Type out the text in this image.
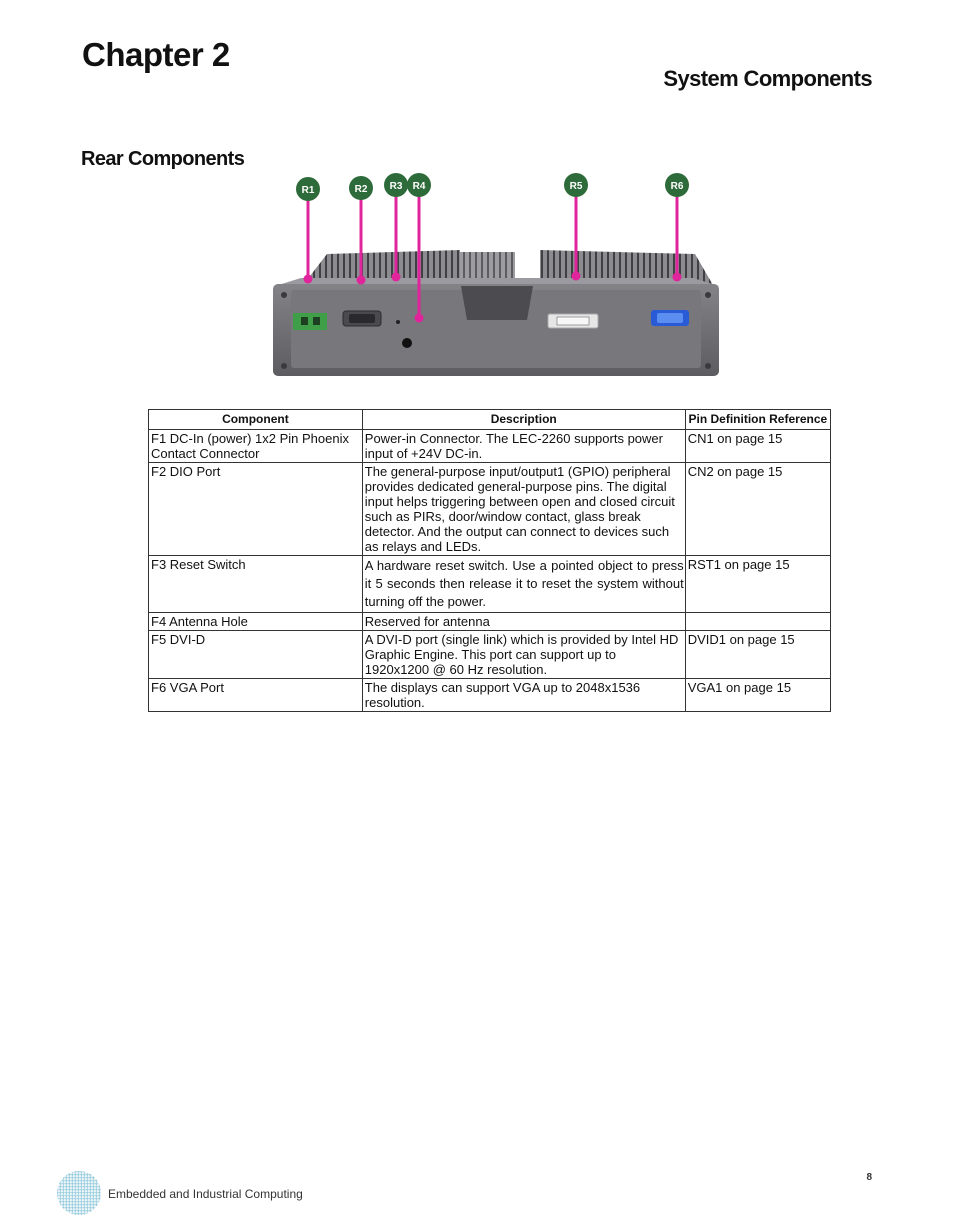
Chapter 2
System Components
Rear Components
R1	R2 R3 R4	R5	R6
Component	Description	Pin Definition Reference
F1 DC-In (power) 1x2 Pin Phoenix Contact Connector	Power-in Connector. The LEC-2260 supports power input of +24V DC-in.	CN1 on page 15
F2 DIO Port	The general-purpose input/output1 (GPIO) peripheral provides dedicated general-purpose pins. The digital input helps triggering between open and closed circuit such as PIRs, door/window contact, glass break detector. And the output can connect to devices such as relays and LEDs.	CN2 on page 15
F3 Reset Switch	A hardware reset switch. Use a pointed object to press it 5 seconds then release it to reset the system without turning off the power.	RST1 on page 15
F4 Antenna Hole	Reserved for antenna	
F5 DVI-D	A DVI-D port (single link) which is provided by Intel HD Graphic Engine. This port can support up to 1920x1200 @ 60 Hz resolution.	DVID1 on page 15
F6 VGA Port	The displays can support VGA up to 2048x1536 resolution.	VGA1 on page 15
Embedded and Industrial Computing
8
